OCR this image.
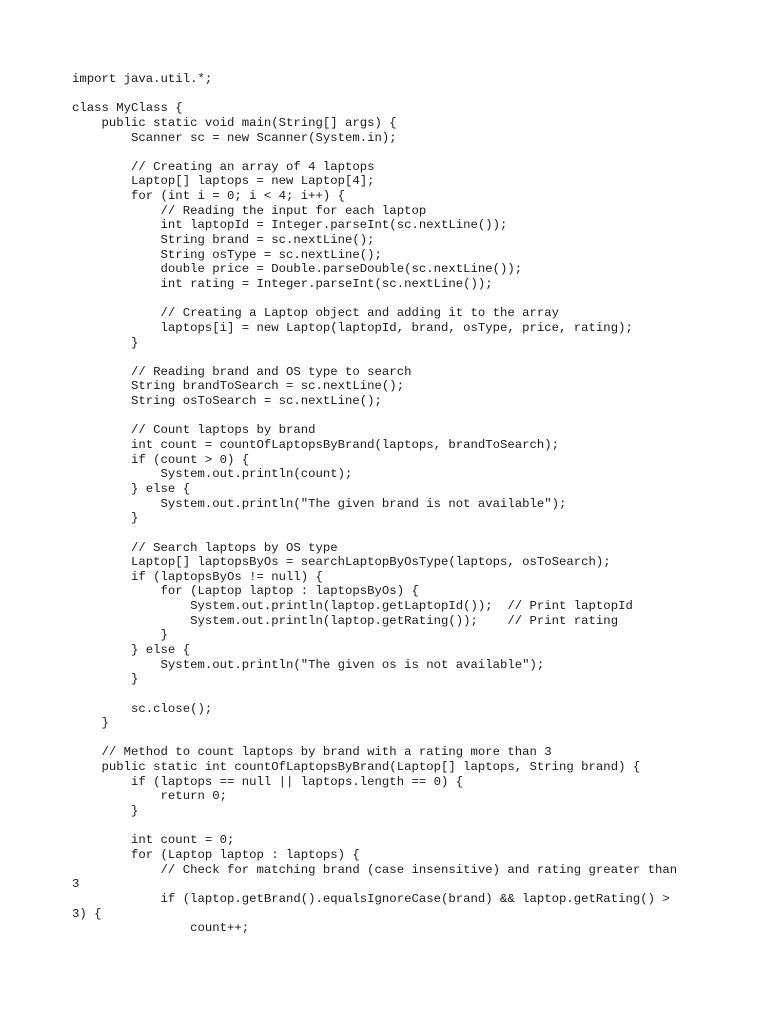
import java.util.*;
class MyClass {
public static void main(String[] args) {
Scanner sc = new Scanner(System.in);
// Creating an array of 4 laptops
Laptop[] laptops = new Laptop[4];
for (int i = 0; i < 4; i++) {
// Reading the input for each laptop
int laptopId = Integer.parseInt(sc.nextLine());
String brand = sc.nextLine();
String osType = sc.nextLine();
double price = Double.parseDouble(sc.nextLine());
int rating = Integer.parseInt(sc.nextLine());
// Creating a Laptop object and adding it to the array
laptops[i] = new Laptop(laptopId, brand, osType, price, rating);
}
// Reading brand and OS type to search
String brandToSearch = sc.nextLine();
String osToSearch = sc.nextLine();
// Count laptops by brand
int count = countOfLaptopsByBrand(laptops, brandToSearch);
if (count > 0) {
System.out.println(count);
} else {
System.out.println("The given brand is not available");
}
// Search laptops by OS type
Laptop[] laptopsByOs = searchLaptopByOsType(laptops, osToSearch);
if (laptopsByOs != null) {
for (Laptop laptop : laptopsByOs) {
System.out.println(laptop.getLaptopId());  // Print laptopId
System.out.println(laptop.getRating());    // Print rating
}
} else {
System.out.println("The given os is not available");
}
sc.close();
}
// Method to count laptops by brand with a rating more than 3
public static int countOfLaptopsByBrand(Laptop[] laptops, String brand) {
if (laptops == null || laptops.length == 0) {
return 0;
}
int count = 0;
for (Laptop laptop : laptops) {
// Check for matching brand (case insensitive) and rating greater than
3
if (laptop.getBrand().equalsIgnoreCase(brand) && laptop.getRating() >
3) {
count++;
